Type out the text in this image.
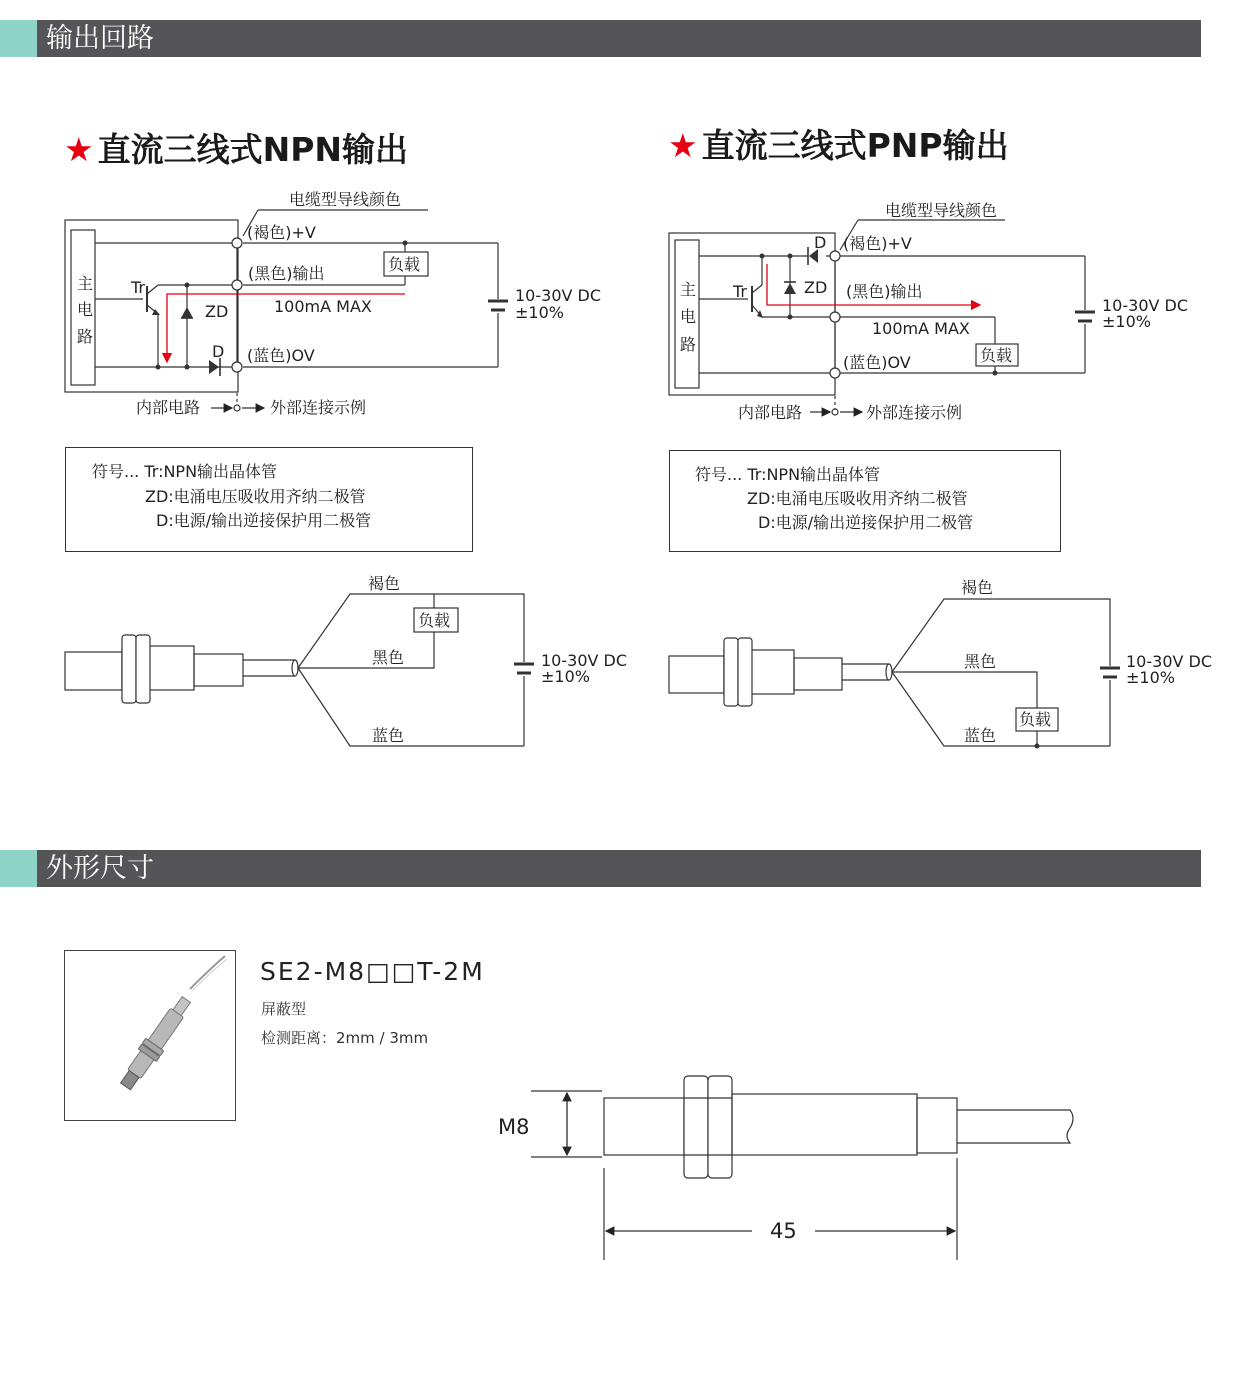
输出回路
★ 直流三线式NPN输出	★ 直流三线式PNP输出
符号... Tr:NPN输出晶体管
ZD:电涌电压吸收用齐纳二极管
D:电源/输出逆接保护用二极管
符号... Tr:NPN输出晶体管
ZD:电涌电压吸收用齐纳二极管
D:电源/输出逆接保护用二极管
电缆型导线颜色
(褐色)+V
(黑色)输出
(蓝色)OV
主
电
路
Tr
ZD
D
100mA MAX
负载
10-30V DC
±10%
内部电路	外部连接示例
电缆型导线颜色
(褐色)+V
(黑色)输出
(蓝色)OV
主
电
路
Tr	ZD
D
100mA MAX
负载
10-30V DC
±10%
内部电路	外部连接示例
褐色
黑色
蓝色
负载
10-30V DC
±10%
褐色
黑色
蓝色
负载
10-30V DC
±10%
M8
45
外形尺寸
SE2-M8□□T-2M
屏蔽型
检测距离：2mm / 3mm
